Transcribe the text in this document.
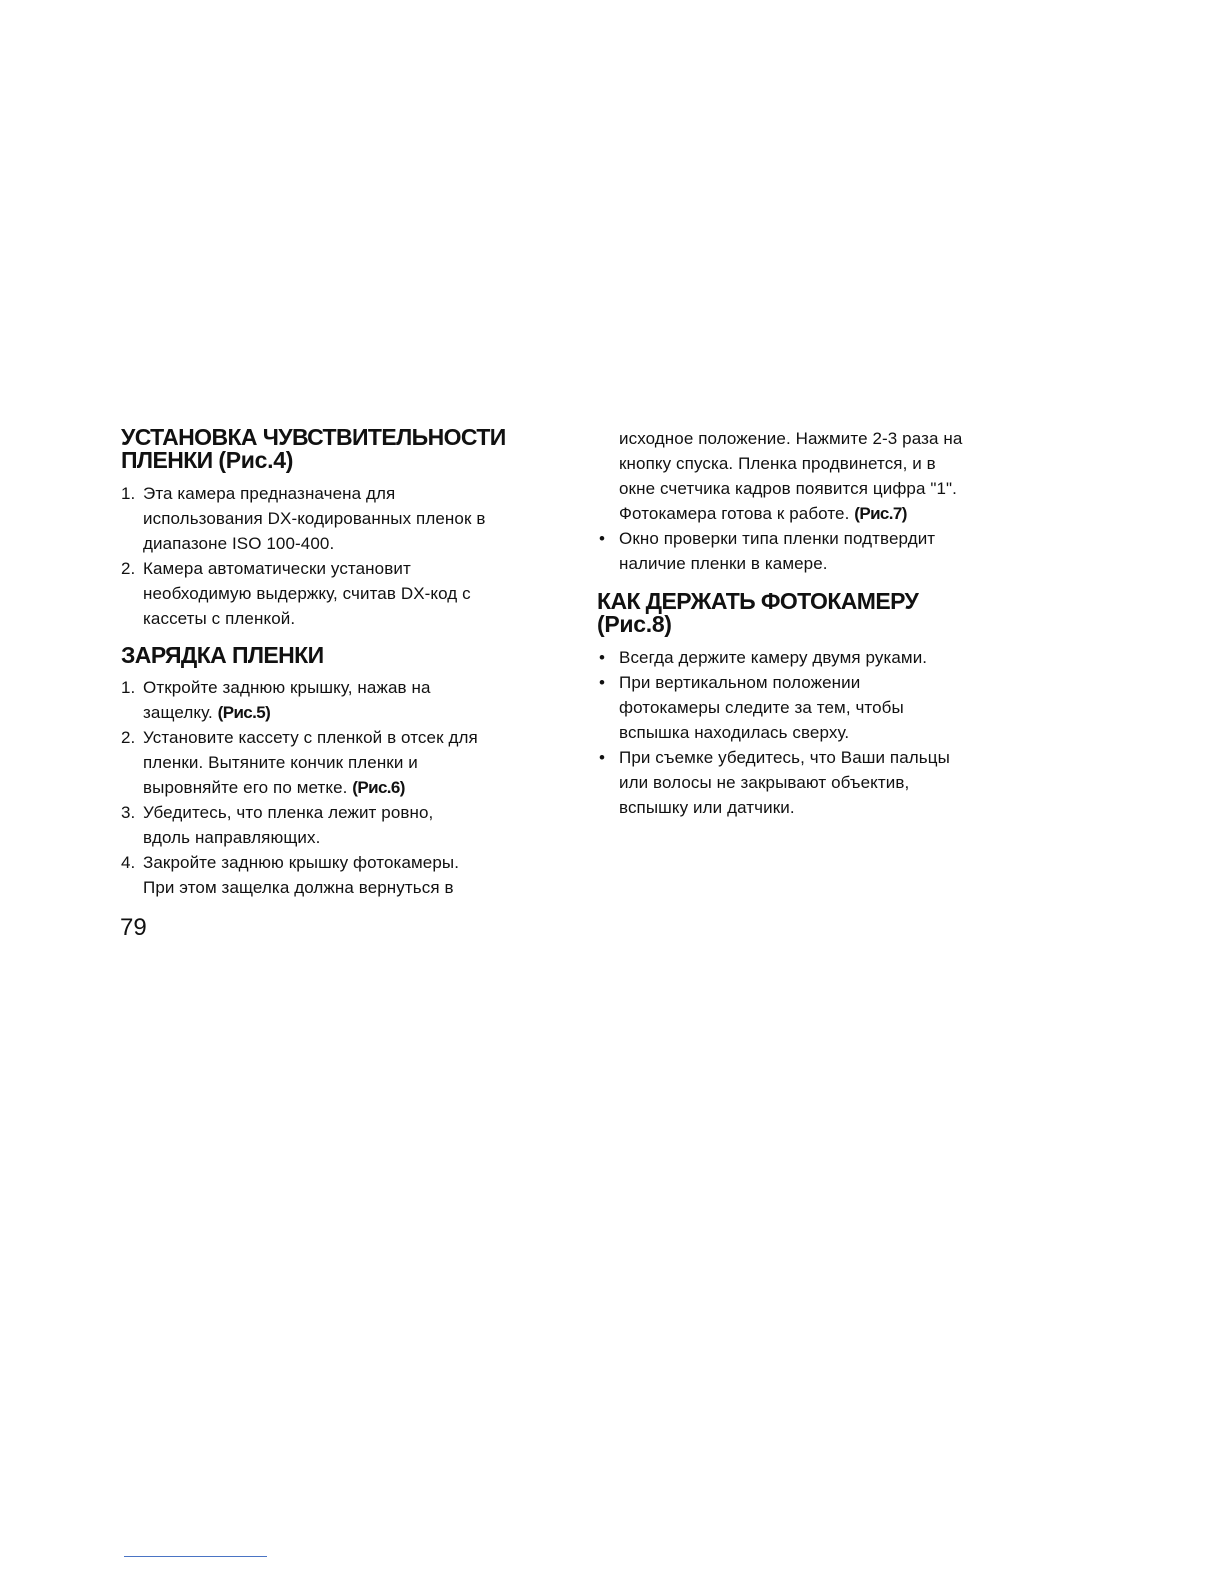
УСТАНОВКА ЧУВСТВИТЕЛЬНОСТИ
ПЛЕНКИ (Рис.4)
1. Эта камера предназначена для
использования DX-кодированных пленок в
диапазоне ISO 100-400.
2. Камера автоматически установит
необходимую выдержку, считав DX-код с
кассеты с пленкой.
ЗАРЯДКА ПЛЕНКИ
1. Откройте заднюю крышку, нажав на
защелку. (Рис.5)
2. Установите кассету с пленкой в отсек для
пленки. Вытяните кончик пленки и
выровняйте его по метке. (Рис.6)
3. Убедитесь, что пленка лежит ровно,
вдоль направляющих.
4. Закройте заднюю крышку фотокамеры.
При этом защелка должна вернуться в
исходное положение. Нажмите 2-3 раза на
кнопку спуска. Пленка продвинется, и в
окне счетчика кадров появится цифра "1".
Фотокамера готова к работе. (Рис.7)
• Окно проверки типа пленки подтвердит
наличие пленки в камере.
КАК ДЕРЖАТЬ ФОТОКАМЕРУ
(Рис.8)
• Всегда держите камеру двумя руками.
• При вертикальном положении
фотокамеры следите за тем, чтобы
вспышка находилась сверху.
• При съемке убедитесь, что Ваши пальцы
или волосы не закрывают объектив,
вспышку или датчики.
79
